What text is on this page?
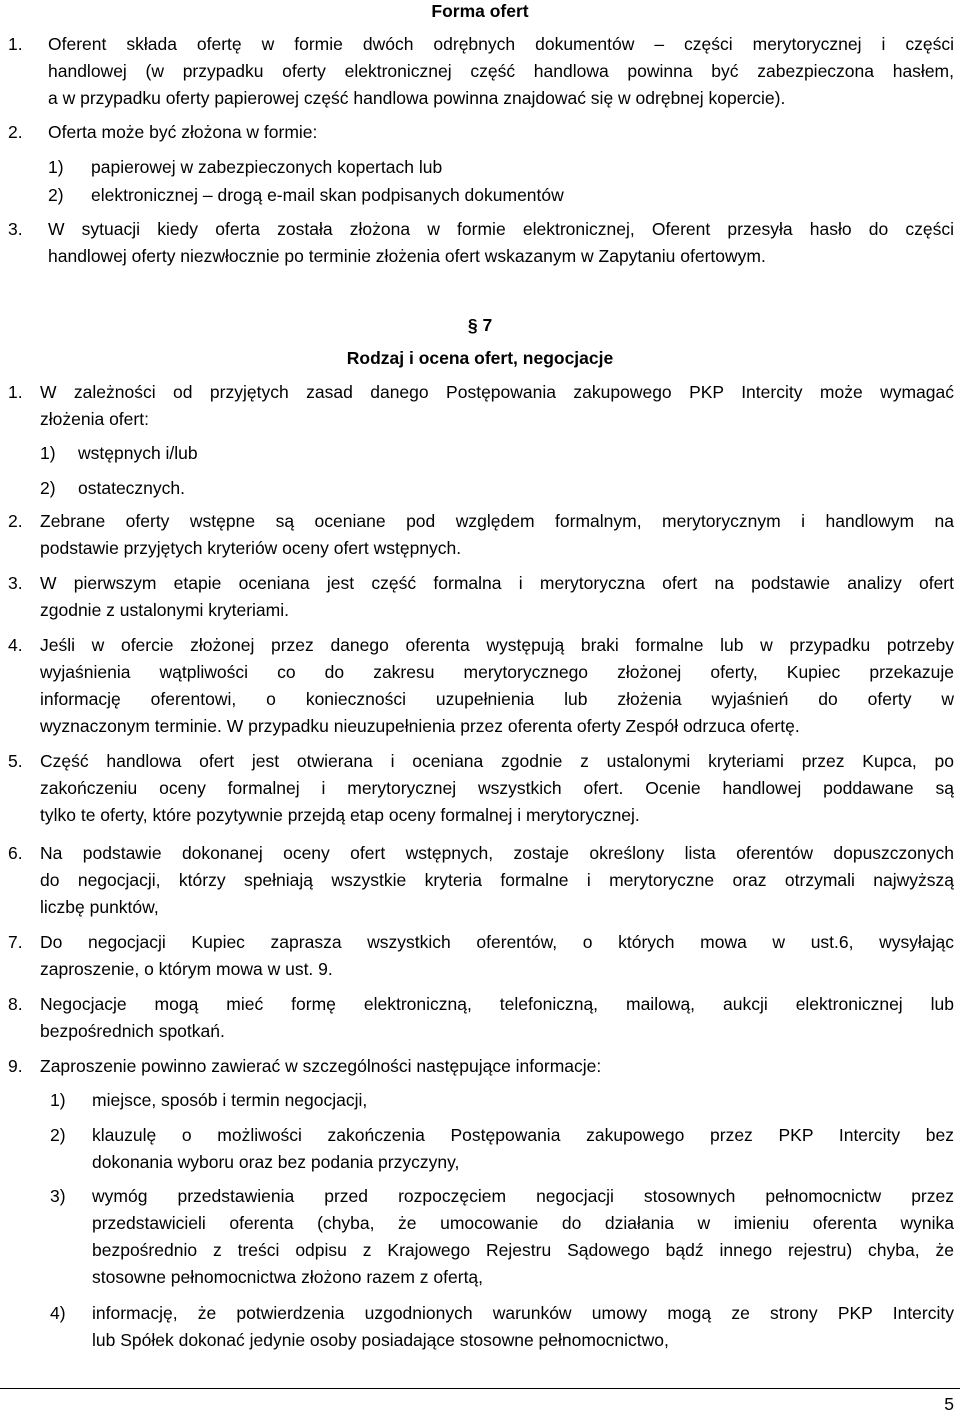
Forma ofert
1. Oferent składa ofertę w formie dwóch odrębnych dokumentów – części merytorycznej i części
handlowej (w przypadku oferty elektronicznej część handlowa powinna być zabezpieczona hasłem,
a w przypadku oferty papierowej część handlowa powinna znajdować się w odrębnej kopercie).
2. Oferta może być złożona w formie:
1) papierowej w zabezpieczonych kopertach lub
2) elektronicznej – drogą e-mail skan podpisanych dokumentów
3. W sytuacji kiedy oferta została złożona w formie elektronicznej, Oferent przesyła hasło do części
handlowej oferty niezwłocznie po terminie złożenia ofert wskazanym w Zapytaniu ofertowym.
§ 7
Rodzaj i ocena ofert, negocjacje
1. W zależności od przyjętych zasad danego Postępowania zakupowego PKP Intercity może wymagać
złożenia ofert:
1) wstępnych i/lub
2) ostatecznych.
2. Zebrane oferty wstępne są oceniane pod względem formalnym, merytorycznym i handlowym na
podstawie przyjętych kryteriów oceny ofert wstępnych.
3. W pierwszym etapie oceniana jest część formalna i merytoryczna ofert na podstawie analizy ofert
zgodnie z ustalonymi kryteriami.
4. Jeśli w ofercie złożonej przez danego oferenta występują braki formalne lub w przypadku potrzeby
wyjaśnienia wątpliwości co do zakresu merytorycznego złożonej oferty, Kupiec przekazuje
informację oferentowi, o konieczności uzupełnienia lub złożenia wyjaśnień do oferty w
wyznaczonym terminie. W przypadku nieuzupełnienia przez oferenta oferty Zespół odrzuca ofertę.
5. Część handlowa ofert jest otwierana i oceniana zgodnie z ustalonymi kryteriami przez Kupca, po
zakończeniu oceny formalnej i merytorycznej wszystkich ofert. Ocenie handlowej poddawane są
tylko te oferty, które pozytywnie przejdą etap oceny formalnej i merytorycznej.
6. Na podstawie dokonanej oceny ofert wstępnych, zostaje określony lista oferentów dopuszczonych
do negocjacji, którzy spełniają wszystkie kryteria formalne i merytoryczne oraz otrzymali najwyższą
liczbę punktów,
7. Do negocjacji Kupiec zaprasza wszystkich oferentów, o których mowa w ust.6, wysyłając
zaproszenie, o którym mowa w ust. 9.
8. Negocjacje mogą mieć formę elektroniczną, telefoniczną, mailową, aukcji elektronicznej lub
bezpośrednich spotkań.
9. Zaproszenie powinno zawierać w szczególności następujące informacje:
1) miejsce, sposób i termin negocjacji,
2) klauzulę o możliwości zakończenia Postępowania zakupowego przez PKP Intercity bez
dokonania wyboru oraz bez podania przyczyny,
3) wymóg przedstawienia przed rozpoczęciem negocjacji stosownych pełnomocnictw przez
przedstawicieli oferenta (chyba, że umocowanie do działania w imieniu oferenta wynika
bezpośrednio z treści odpisu z Krajowego Rejestru Sądowego bądź innego rejestru) chyba, że
stosowne pełnomocnictwa złożono razem z ofertą,
4) informację, że potwierdzenia uzgodnionych warunków umowy mogą ze strony PKP Intercity
lub Spółek dokonać jedynie osoby posiadające stosowne pełnomocnictwo,
5
